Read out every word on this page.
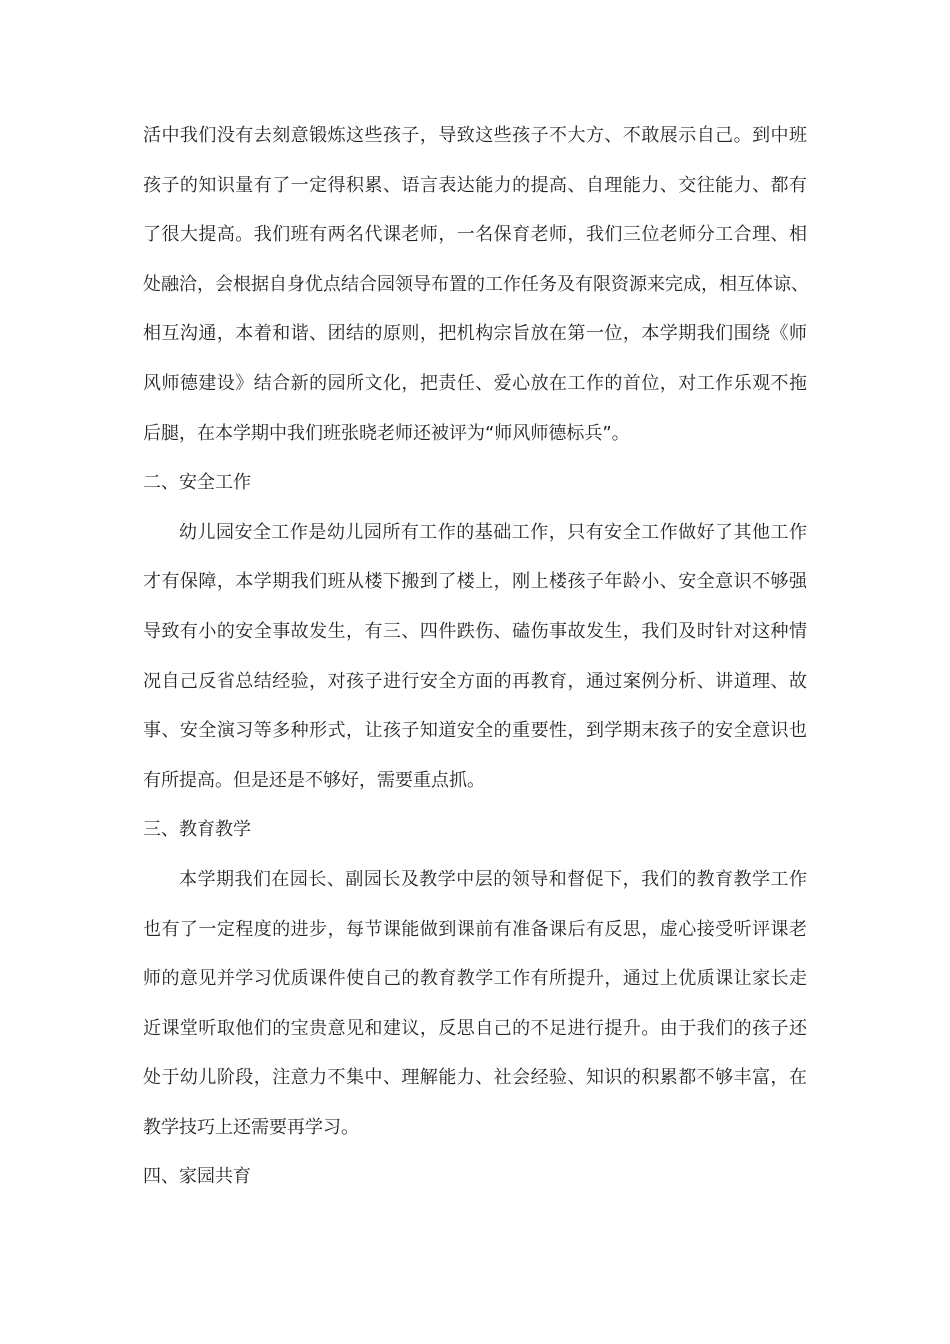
活中我们没有去刻意锻炼这些孩子，导致这些孩子不大方、不敢展示自己。到中班
孩子的知识量有了一定得积累、语言表达能力的提高、自理能力、交往能力、都有
了很大提高。我们班有两名代课老师，一名保育老师，我们三位老师分工合理、相
处融洽，会根据自身优点结合园领导布置的工作任务及有限资源来完成，相互体谅、
相互沟通，本着和谐、团结的原则，把机构宗旨放在第一位，本学期我们围绕《师
风师德建设》结合新的园所文化，把责任、爱心放在工作的首位，对工作乐观不拖
后腿，在本学期中我们班张晓老师还被评为“师风师德标兵”。
二、安全工作
幼儿园安全工作是幼儿园所有工作的基础工作，只有安全工作做好了其他工作
才有保障，本学期我们班从楼下搬到了楼上，刚上楼孩子年龄小、安全意识不够强
导致有小的安全事故发生，有三、四件跌伤、磕伤事故发生，我们及时针对这种情
况自己反省总结经验，对孩子进行安全方面的再教育，通过案例分析、讲道理、故
事、安全演习等多种形式，让孩子知道安全的重要性，到学期末孩子的安全意识也
有所提高。但是还是不够好，需要重点抓。
三、教育教学
本学期我们在园长、副园长及教学中层的领导和督促下，我们的教育教学工作
也有了一定程度的进步，每节课能做到课前有准备课后有反思，虚心接受听评课老
师的意见并学习优质课件使自己的教育教学工作有所提升，通过上优质课让家长走
近课堂听取他们的宝贵意见和建议，反思自己的不足进行提升。由于我们的孩子还
处于幼儿阶段，注意力不集中、理解能力、社会经验、知识的积累都不够丰富，在
教学技巧上还需要再学习。
四、家园共育
